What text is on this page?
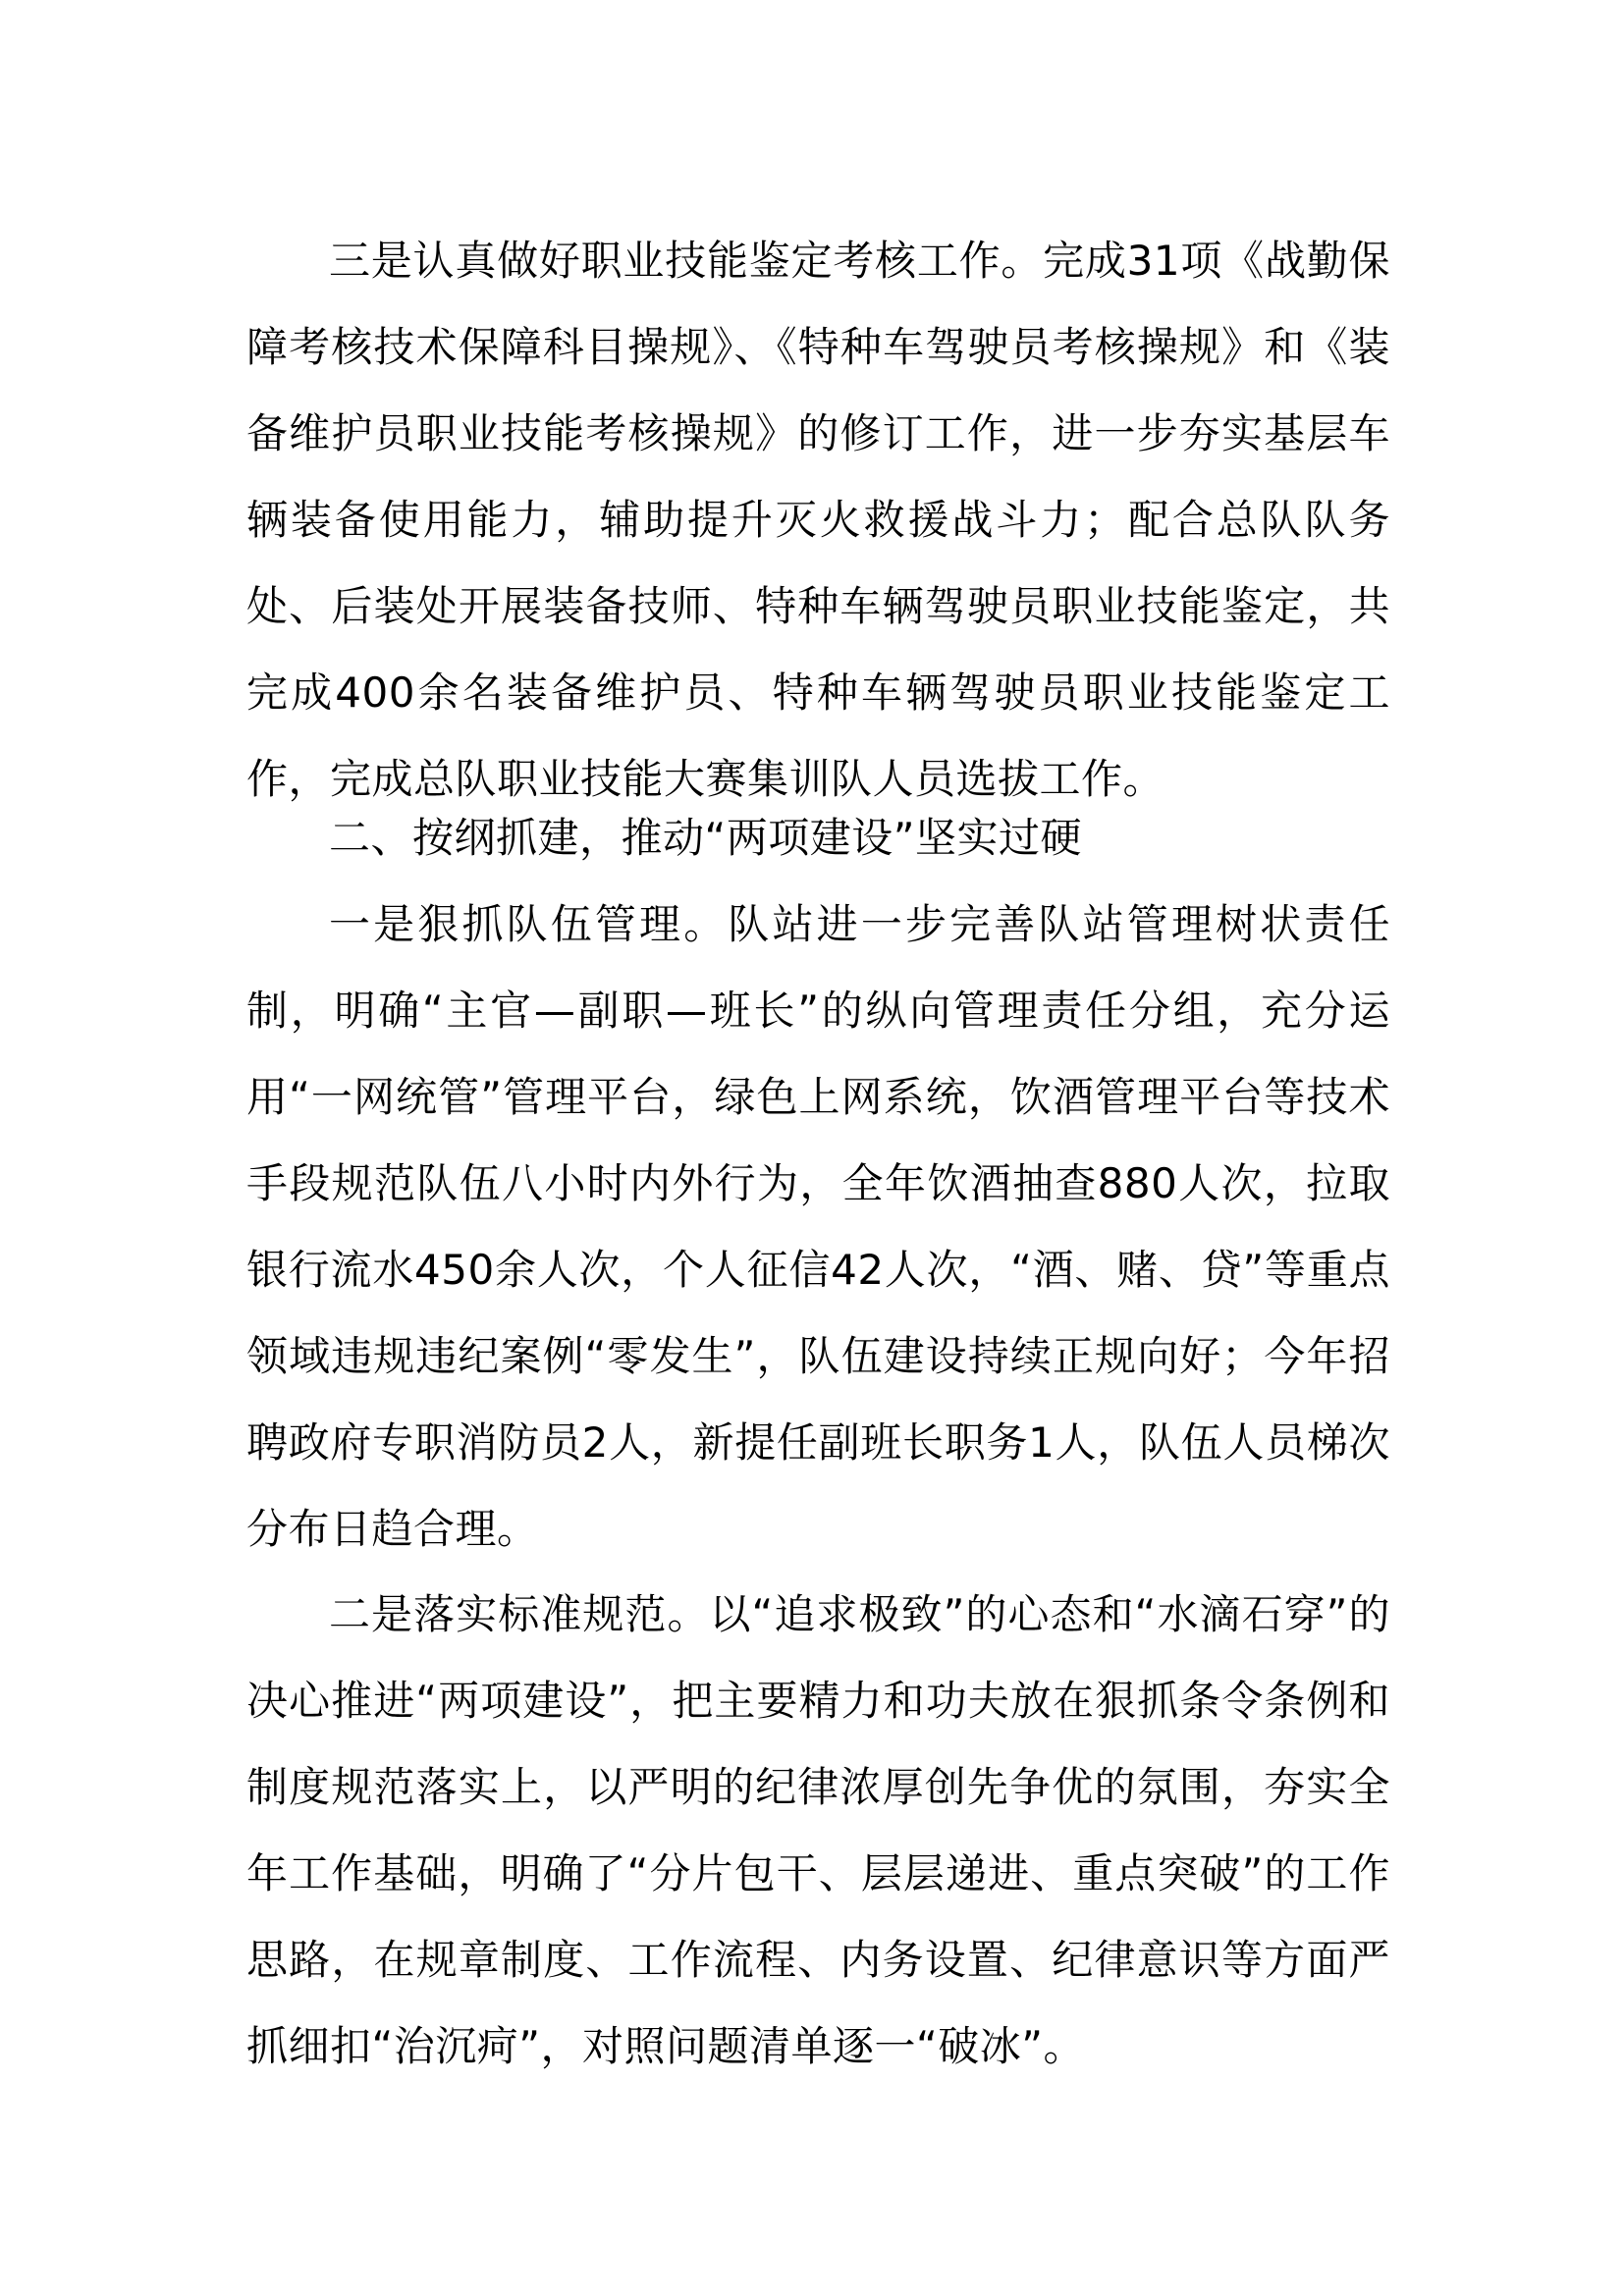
三是认真做好职业技能鉴定考核工作。完成31项《战勤保障考核技术保障科目操规》、《特种车驾驶员考核操规》和《装备维护员职业技能考核操规》的修订工作，进一步夯实基层车辆装备使用能力，辅助提升灭火救援战斗力；配合总队队务处、后装处开展装备技师、特种车辆驾驶员职业技能鉴定，共完成400余名装备维护员、特种车辆驾驶员职业技能鉴定工作，完成总队职业技能大赛集训队人员选拔工作。

二、按纲抓建，推动“两项建设”坚实过硬

一是狠抓队伍管理。队站进一步完善队站管理树状责任制，明确“主官—副职—班长”的纵向管理责任分组，充分运用“一网统管”管理平台，绿色上网系统，饮酒管理平台等技术手段规范队伍八小时内外行为，全年饮酒抽查880人次，拉取银行流水450余人次，个人征信42人次，“酒、赌、贷”等重点领域违规违纪案例“零发生”，队伍建设持续正规向好；今年招聘政府专职消防员2人，新提任副班长职务1人，队伍人员梯次分布日趋合理。

二是落实标准规范。以“追求极致”的心态和“水滴石穿”的决心推进“两项建设”，把主要精力和功夫放在狠抓条令条例和制度规范落实上，以严明的纪律浓厚创先争优的氛围，夯实全年工作基础，明确了“分片包干、层层递进、重点突破”的工作思路，在规章制度、工作流程、内务设置、纪律意识等方面严抓细扣“治沉疴”，对照问题清单逐一“破冰”。
